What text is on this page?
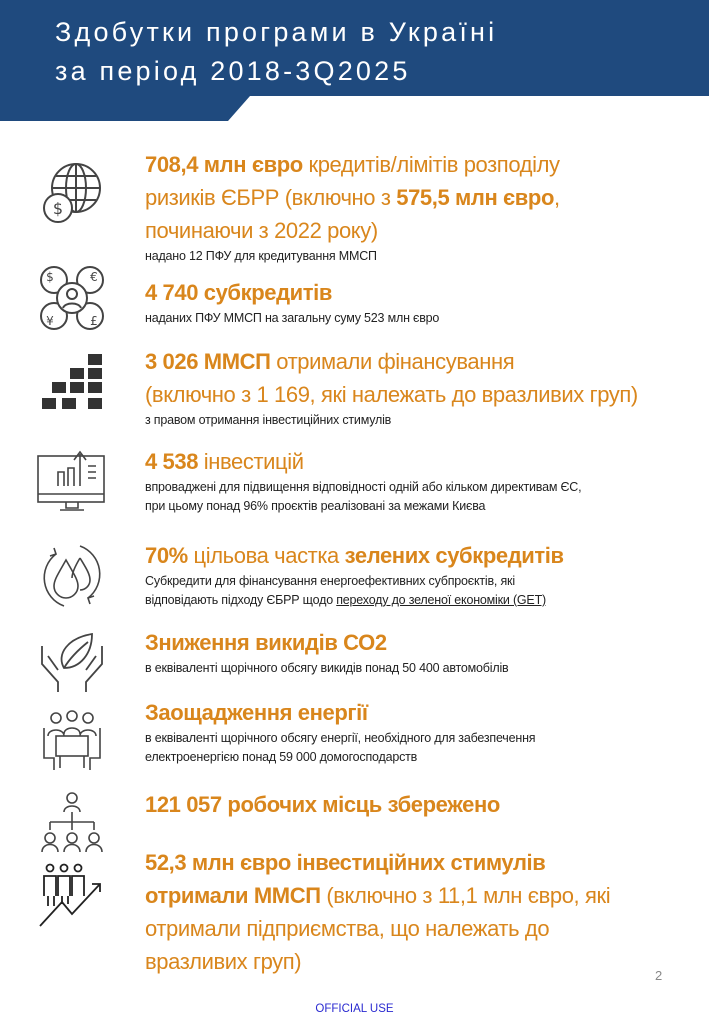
Здобутки програми в Україні
за період 2018-3Q2025
$
$	€
¥	£
708,4 млн євро кредитів/лімітів розподілу
ризиків ЄБРР (включно з 575,5 млн євро,
починаючи з 2022 року)
надано 12 ПФУ для кредитування ММСП
4 740 субкредитів
наданих ПФУ ММСП на загальну суму 523 млн євро
3 026 ММСП отримали фінансування
(включно з 1 169, які належать до вразливих груп)
з правом отримання інвестиційних стимулів
4 538 інвестицій
впроваджені для підвищення відповідності одній або кільком директивам ЄС,
при цьому понад 96% проєктів реалізовані за межами Києва
70% цільова частка зелених субкредитів
Субкредити для фінансування енергоефективних субпроєктів, які
відповідають підходу ЄБРР щодо переходу до зеленої економіки (GET)
Зниження викидів СО2
в еквіваленті щорічного обсягу викидів понад 50 400 автомобілів
Заощадження енергії
в еквіваленті щорічного обсягу енергії, необхідного для забезпечення
електроенергією понад 59 000 домогосподарств
121 057 робочих місць збережено
52,3 млн євро інвестиційних стимулів
отримали ММСП (включно з 11,1 млн євро, які
отримали підприємства, що належать до
вразливих груп)
2
OFFICIAL USE
